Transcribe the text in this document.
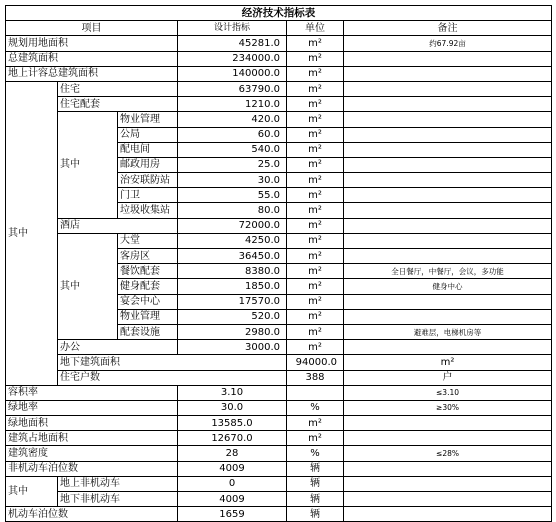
经济技术指标表						
项目			设计指标	单位	备注	
规划用地面积			45281.0	m²	约67.92亩	
总建筑面积			234000.0	m²		
地上计容总建筑面积			140000.0	m²		
其中	住宅		63790.0	m²		
	住宅配套		1210.0	m²		
	其中	物业管理	420.0	m²		
		公局	60.0	m²		
		配电间	540.0	m²		
		邮政用房	25.0	m²		
		治安联防站	30.0	m²		
		门卫	55.0	m²		
		垃圾收集站	80.0	m²		
	酒店		72000.0	m²		
	其中	大堂	4250.0	m²		
		客房区	36450.0	m²		
		餐饮配套	8380.0	m²	全日餐厅，中餐厅，会议，多功能	
		健身配套	1850.0	m²	健身中心	
		宴会中心	17570.0	m²		
		物业管理	520.0	m²		
		配套设施	2980.0	m²	避难层，电梯机房等	
	办公		3000.0	m²		
	地下建筑面积			94000.0	m²	
	住宅户数			388	户	
容积率			3.10		≤3.10	
绿地率			30.0	%	≥30%	
绿地面积			13585.0	m²		
建筑占地面积			12670.0	m²		
建筑密度			28	%	≤28%	
非机动车泊位数			4009	辆		
其中	地上非机动车		0	辆		
	地下非机动车		4009	辆		
机动车泊位数			1659	辆		
